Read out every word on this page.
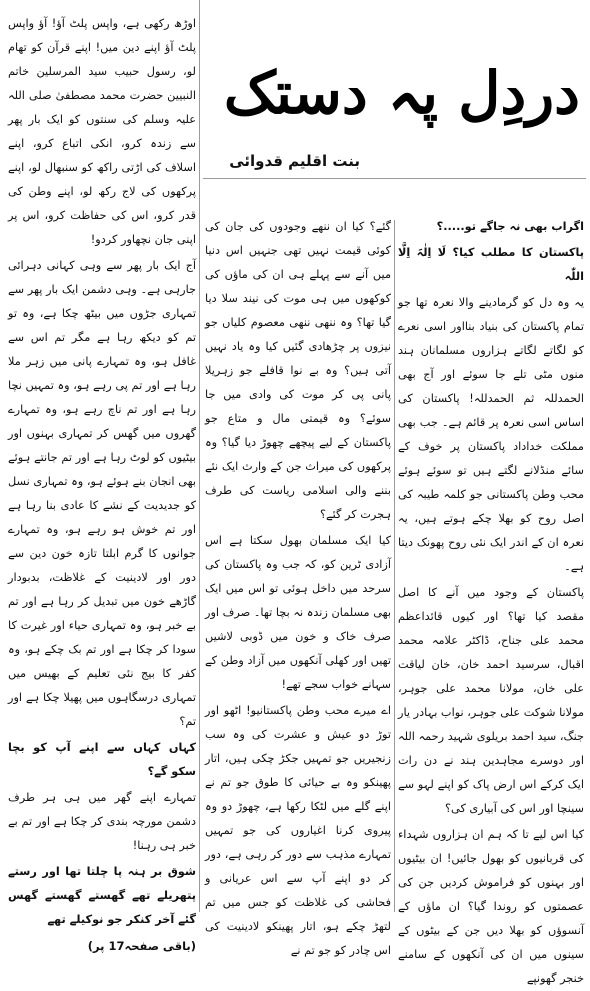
دردِل پہ دستک
بنت اقلیم قدوائی

اگراب بھی نہ جاگے تو.....؟

پاکستان کا مطلب کیا؟ لَا اِلٰہَ اِلَّا اللّٰہ

یہ وہ دل کو گرمادینے والا نعرہ تھا جو تمام پاکستان کی بنیاد بنااور اسی نعرے کو لگاتے لگاتے ہزاروں مسلمانان ہند منوں مٹی تلے جا سوئے اور آج بھی الحمدللہ ثم الحمدللہ! پاکستان کی اساس اسی نعرہ پر قائم ہے۔ جب بھی مملکت خداداد پاکستان پر خوف کے سائے منڈلانے لگتے ہیں تو سوئے ہوئے محب وطن پاکستانی جو کلمہ طیبہ کی اصل روح کو بھلا چکے ہوتے ہیں، یہ نعرہ ان کے اندر ایک نئی روح پھونک دیتا ہے۔

پاکستان کے وجود میں آنے کا اصل مقصد کیا تھا؟ اور کیوں قائداعظم محمد علی جناح، ڈاکٹر علامہ محمد اقبال، سرسید احمد خان، خان لیاقت علی خان، مولانا محمد علی جوہر، مولانا شوکت علی جوہر، نواب بہادر یار جنگ، سید احمد بریلوی شہید رحمہ اللہ اور دوسرے مجاہدین ہند نے دن رات ایک کرکے اس ارض پاک کو اپنے لہو سے سینچا اور اس کی آبیاری کی؟

کیا اس لیے تا کہ ہم ان ہزاروں شہداء کی قربانیوں کو بھول جائیں! ان بیٹیوں اور بہنوں کو فراموش کردیں جن کی عصمتوں کو روندا گیا؟ ان ماؤں کے آنسوؤں کو بھلا دیں جن کے بیٹوں کے سینوں میں ان کی آنکھوں کے سامنے خنجر گھونپے

گئے؟ کیا ان ننھے وجودوں کی جان کی کوئی قیمت نہیں تھی جنہیں اس دنیا میں آنے سے پہلے ہی ان کی ماؤں کی کوکھوں میں ہی موت کی نیند سلا دیا گیا تھا؟ وہ ننھی ننھی معصوم کلیاں جو نیزوں پر چڑھادی گئیں کیا وہ یاد نہیں آتی ہیں؟ وہ بے نوا قافلے جو زہریلا پانی پی کر موت کی وادی میں جا سوئے؟ وہ قیمتی مال و متاع جو پاکستان کے لیے پیچھے چھوڑ دیا گیا؟ وہ پرکھوں کی میراث جن کے وارث ایک نئے بننے والی اسلامی ریاست کی طرف ہجرت کر گئے؟

کیا ایک مسلمان بھول سکتا ہے اس آزادی ٹرین کو، کہ جب وہ پاکستان کی سرحد میں داخل ہوئی تو اس میں ایک بھی مسلمان زندہ نہ بچا تھا۔ صرف اور صرف خاک و خون میں ڈوبی لاشیں تھیں اور کھلی آنکھوں میں آزاد وطن کے سہانے خواب سجے تھے!

اے میرے محب وطن پاکستانیو! اٹھو اور توڑ دو عیش و عشرت کی وہ سب زنجیریں جو تمہیں جکڑ چکی ہیں، اتار پھینکو وہ بے حیائی کا طوق جو تم نے اپنے گلے میں لٹکا رکھا ہے، چھوڑ دو وہ پیروی کرنا اغیاروں کی جو تمہیں تمہارے مذہب سے دور کر رہی ہے، دور کر دو اپنے آپ سے اس عریانی و فحاشی کی غلاظت کو جس میں تم لتھڑ چکے ہو، اتار پھینکو لادینیت کی اس چادر کو جو تم نے

اوڑھ رکھی ہے، واپس پلٹ آؤ! آؤ واپس پلٹ آؤ اپنے دین میں! اپنے قرآن کو تھام لو، رسول حبیب سید المرسلین خاتم النبیین حضرت محمد مصطفیٰ صلی اللہ علیہ وسلم کی سنتوں کو ایک بار پھر سے زندہ کرو، انکی اتباع کرو، اپنے اسلاف کی اڑتی راکھ کو سنبھال لو، اپنے پرکھوں کی لاج رکھ لو، اپنے وطن کی قدر کرو، اس کی حفاظت کرو، اس پر اپنی جان نچھاور کردو!

آج ایک بار پھر سے وہی کہانی دہرائی جارہی ہے۔ وہی دشمن ایک بار پھر سے تمہاری جڑوں میں بیٹھ چکا ہے، وہ تو تم کو دیکھ رہا ہے مگر تم اس سے غافل ہو، وہ تمہارے پانی میں زہر ملا رہا ہے اور تم پی رہے ہو، وہ تمہیں نچا رہا ہے اور تم ناچ رہے ہو، وہ تمہارے گھروں میں گھس کر تمہاری بہنوں اور بیٹیوں کو لوٹ رہا ہے اور تم جانتے ہوئے بھی انجان بنے ہوئے ہو، وہ تمہاری نسل کو جدیدیت کے نشے کا عادی بنا رہا ہے اور تم خوش ہو رہے ہو، وہ تمہارے جوانوں کا گرم ابلتا تازہ خون دین سے دور اور لادینیت کے غلاظت، بدبودار گاڑھے خون میں تبدیل کر رہا ہے اور تم بے خبر ہو، وہ تمہاری حیاء اور غیرت کا سودا کر چکا ہے اور تم بک چکے ہو، وہ کفر کا بیج نئی تعلیم کے بھیس میں تمہاری درسگاہوں میں پھیلا چکا ہے اور تم؟

کہاں کہاں سے اپنے آپ کو بچا سکو گے؟

تمہارے اپنے گھر میں ہی ہر طرف دشمن مورچہ بندی کر چکا ہے اور تم بے خبر ہی رہنا!

شوق بر ہنہ پا چلتا تھا اور رستے پتھریلے تھے گھستے گھستے گھس گئے آخر کنکر جو نوکیلے تھے

(باقی صفحہ17 پر)
